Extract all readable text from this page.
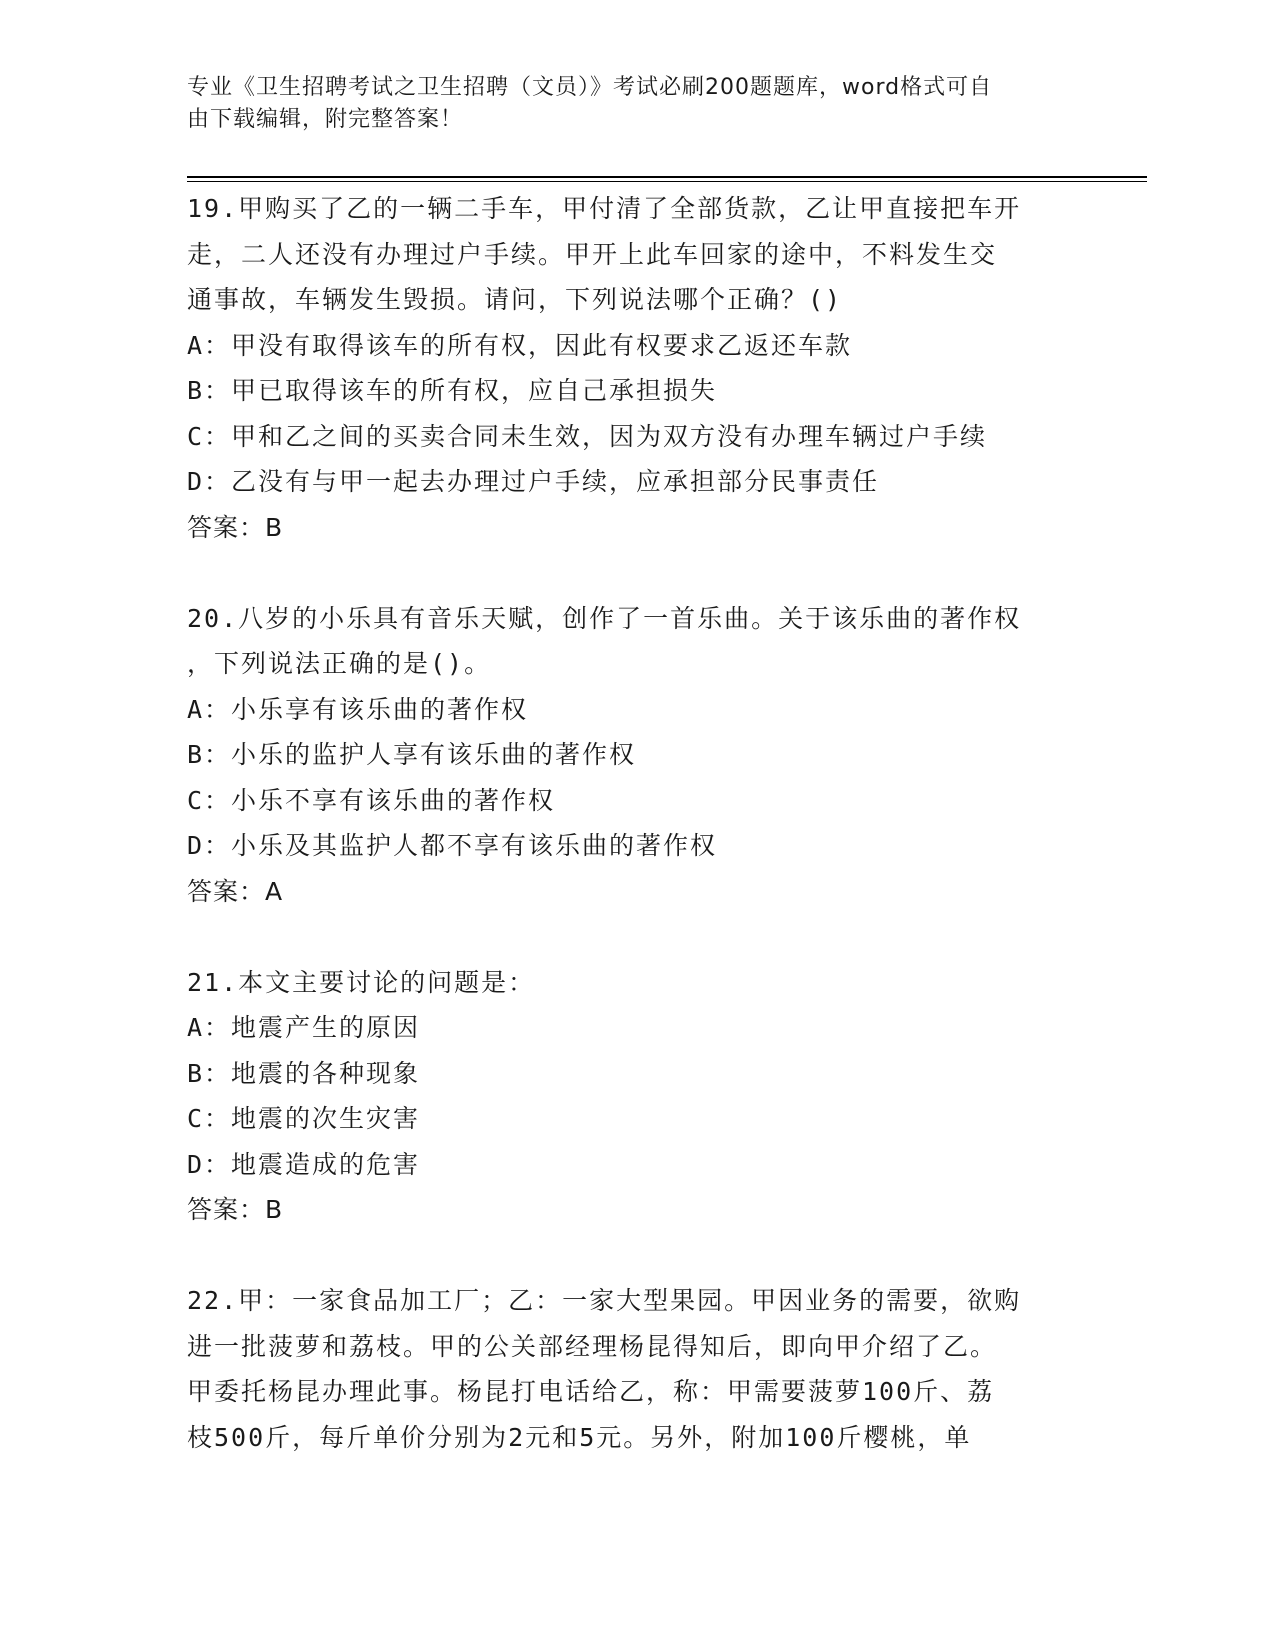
专业《卫生招聘考试之卫生招聘（文员）》考试必刷200题题库，word格式可自
由下载编辑，附完整答案！
19.甲购买了乙的一辆二手车，甲付清了全部货款，乙让甲直接把车开
走，二人还没有办理过户手续。甲开上此车回家的途中，不料发生交
通事故，车辆发生毁损。请问，下列说法哪个正确？()
A：甲没有取得该车的所有权，因此有权要求乙返还车款
B：甲已取得该车的所有权，应自己承担损失
C：甲和乙之间的买卖合同未生效，因为双方没有办理车辆过户手续
D：乙没有与甲一起去办理过户手续，应承担部分民事责任
答案：B
20.八岁的小乐具有音乐天赋，创作了一首乐曲。关于该乐曲的著作权
，下列说法正确的是()。
A：小乐享有该乐曲的著作权
B：小乐的监护人享有该乐曲的著作权
C：小乐不享有该乐曲的著作权
D：小乐及其监护人都不享有该乐曲的著作权
答案：A
21.本文主要讨论的问题是：
A：地震产生的原因
B：地震的各种现象
C：地震的次生灾害
D：地震造成的危害
答案：B
22.甲：一家食品加工厂；乙：一家大型果园。甲因业务的需要，欲购
进一批菠萝和荔枝。甲的公关部经理杨昆得知后，即向甲介绍了乙。
甲委托杨昆办理此事。杨昆打电话给乙，称：甲需要菠萝100斤、荔
枝500斤，每斤单价分别为2元和5元。另外，附加100斤樱桃，单
